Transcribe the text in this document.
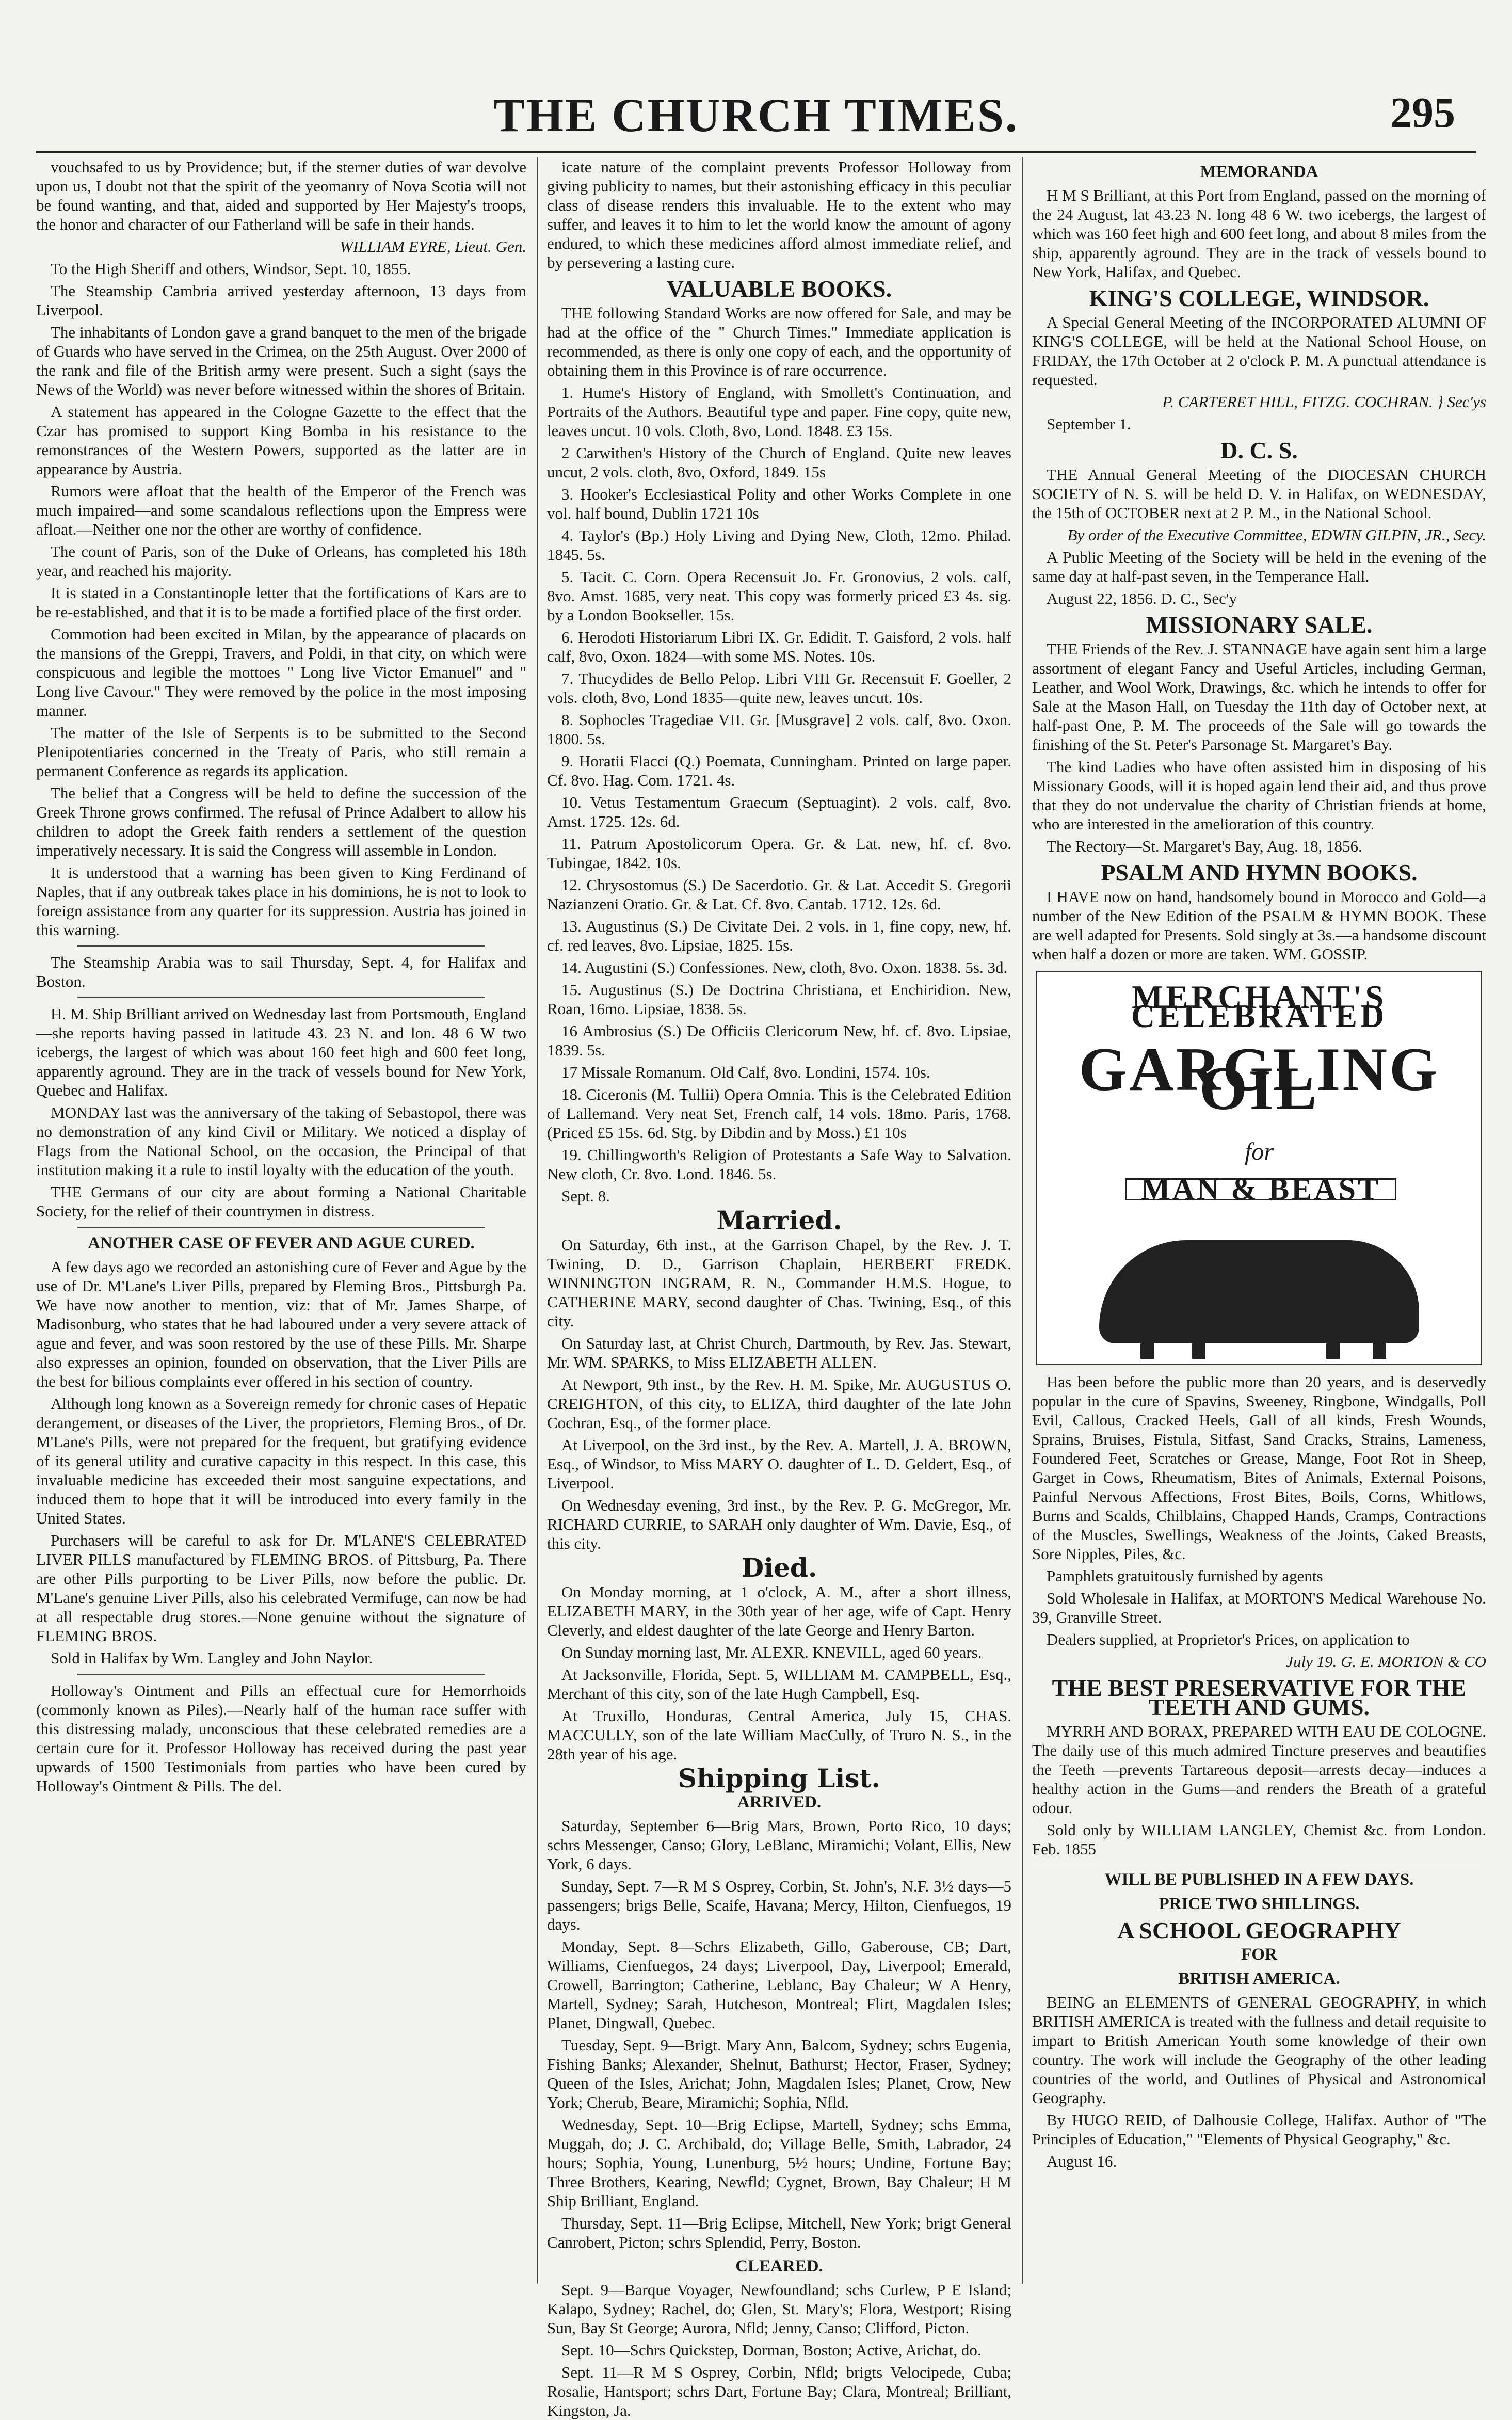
THE CHURCH TIMES.	295

vouchsafed to us by Providence; but, if the sterner duties of war devolve upon us, I doubt not that the spirit of the yeomanry of Nova Scotia will not be found wanting, and that, aided and supported by Her Majesty's troops, the honor and character of our Fatherland will be safe in their hands.

WILLIAM EYRE, Lieut. Gen.

To the High Sheriff and others, Windsor, Sept. 10, 1855.

The Steamship Cambria arrived yesterday afternoon, 13 days from Liverpool.

The inhabitants of London gave a grand banquet to the men of the brigade of Guards who have served in the Crimea, on the 25th August. Over 2000 of the rank and file of the British army were present. Such a sight (says the News of the World) was never before witnessed within the shores of Britain.

A statement has appeared in the Cologne Gazette to the effect that the Czar has promised to support King Bomba in his resistance to the remonstrances of the Western Powers, supported as the latter are in appearance by Austria.

Rumors were afloat that the health of the Emperor of the French was much impaired—and some scandalous reflections upon the Empress were afloat.—Neither one nor the other are worthy of confidence.

The count of Paris, son of the Duke of Orleans, has completed his 18th year, and reached his majority.

It is stated in a Constantinople letter that the fortifications of Kars are to be re-established, and that it is to be made a fortified place of the first order.

Commotion had been excited in Milan, by the appearance of placards on the mansions of the Greppi, Travers, and Poldi, in that city, on which were conspicuous and legible the mottoes " Long live Victor Emanuel" and " Long live Cavour." They were removed by the police in the most imposing manner.

The matter of the Isle of Serpents is to be submitted to the Second Plenipotentiaries concerned in the Treaty of Paris, who still remain a permanent Conference as regards its application.

The belief that a Congress will be held to define the succession of the Greek Throne grows confirmed. The refusal of Prince Adalbert to allow his children to adopt the Greek faith renders a settlement of the question imperatively necessary. It is said the Congress will assemble in London.

It is understood that a warning has been given to King Ferdinand of Naples, that if any outbreak takes place in his dominions, he is not to look to foreign assistance from any quarter for its suppression. Austria has joined in this warning.

The Steamship Arabia was to sail Thursday, Sept. 4, for Halifax and Boston.

H. M. Ship Brilliant arrived on Wednesday last from Portsmouth, England—she reports having passed in latitude 43. 23 N. and lon. 48 6 W two icebergs, the largest of which was about 160 feet high and 600 feet long, apparently aground. They are in the track of vessels bound for New York, Quebec and Halifax.

MONDAY last was the anniversary of the taking of Sebastopol, there was no demonstration of any kind Civil or Military. We noticed a display of Flags from the National School, on the occasion, the Principal of that institution making it a rule to instil loyalty with the education of the youth.

THE Germans of our city are about forming a National Charitable Society, for the relief of their countrymen in distress.

ANOTHER CASE OF FEVER AND AGUE CURED.

A few days ago we recorded an astonishing cure of Fever and Ague by the use of Dr. M'Lane's Liver Pills, prepared by Fleming Bros., Pittsburgh Pa. We have now another to mention, viz: that of Mr. James Sharpe, of Madisonburg, who states that he had laboured under a very severe attack of ague and fever, and was soon restored by the use of these Pills. Mr. Sharpe also expresses an opinion, founded on observation, that the Liver Pills are the best for bilious complaints ever offered in his section of country.

Although long known as a Sovereign remedy for chronic cases of Hepatic derangement, or diseases of the Liver, the proprietors, Fleming Bros., of Dr. M'Lane's Pills, were not prepared for the frequent, but gratifying evidence of its general utility and curative capacity in this respect. In this case, this invaluable medicine has exceeded their most sanguine expectations, and induced them to hope that it will be introduced into every family in the United States.

Purchasers will be careful to ask for Dr. M'LANE'S CELEBRATED LIVER PILLS manufactured by FLEMING BROS. of Pittsburg, Pa. There are other Pills purporting to be Liver Pills, now before the public. Dr. M'Lane's genuine Liver Pills, also his celebrated Vermifuge, can now be had at all respectable drug stores.—None genuine without the signature of FLEMING BROS.

Sold in Halifax by Wm. Langley and John Naylor.

Holloway's Ointment and Pills an effectual cure for Hemorrhoids (commonly known as Piles).—Nearly half of the human race suffer with this distressing malady, unconscious that these celebrated remedies are a certain cure for it. Professor Holloway has received during the past year upwards of 1500 Testimonials from parties who have been cured by Holloway's Ointment & Pills. The del.

icate nature of the complaint prevents Professor Holloway from giving publicity to names, but their astonishing efficacy in this peculiar class of disease renders this invaluable. He to the extent who may suffer, and leaves it to him to let the world know the amount of agony endured, to which these medicines afford almost immediate relief, and by persevering a lasting cure.

VALUABLE BOOKS.

THE following Standard Works are now offered for Sale, and may be had at the office of the " Church Times." Immediate application is recommended, as there is only one copy of each, and the opportunity of obtaining them in this Province is of rare occurrence.

1. Hume's History of England, with Smollett's Continuation, and Portraits of the Authors. Beautiful type and paper. Fine copy, quite new, leaves uncut. 10 vols. Cloth, 8vo, Lond. 1848. £3 15s.

2 Carwithen's History of the Church of England. Quite new leaves uncut, 2 vols. cloth, 8vo, Oxford, 1849. 15s

3. Hooker's Ecclesiastical Polity and other Works Complete in one vol. half bound, Dublin 1721 10s

4. Taylor's (Bp.) Holy Living and Dying New, Cloth, 12mo. Philad. 1845. 5s.

5. Tacit. C. Corn. Opera Recensuit Jo. Fr. Gronovius, 2 vols. calf, 8vo. Amst. 1685, very neat. This copy was formerly priced £3 4s. sig. by a London Bookseller. 15s.

6. Herodoti Historiarum Libri IX. Gr. Edidit. T. Gaisford, 2 vols. half calf, 8vo, Oxon. 1824—with some MS. Notes. 10s.

7. Thucydides de Bello Pelop. Libri VIII Gr. Recensuit F. Goeller, 2 vols. cloth, 8vo, Lond 1835—quite new, leaves uncut. 10s.

8. Sophocles Tragediae VII. Gr. [Musgrave] 2 vols. calf, 8vo. Oxon. 1800. 5s.

9. Horatii Flacci (Q.) Poemata, Cunningham. Printed on large paper. Cf. 8vo. Hag. Com. 1721. 4s.

10. Vetus Testamentum Graecum (Septuagint). 2 vols. calf, 8vo. Amst. 1725. 12s. 6d.

11. Patrum Apostolicorum Opera. Gr. & Lat. new, hf. cf. 8vo. Tubingae, 1842. 10s.

12. Chrysostomus (S.) De Sacerdotio. Gr. & Lat. Accedit S. Gregorii Nazianzeni Oratio. Gr. & Lat. Cf. 8vo. Cantab. 1712. 12s. 6d.

13. Augustinus (S.) De Civitate Dei. 2 vols. in 1, fine copy, new, hf. cf. red leaves, 8vo. Lipsiae, 1825. 15s.

14. Augustini (S.) Confessiones. New, cloth, 8vo. Oxon. 1838. 5s. 3d.

15. Augustinus (S.) De Doctrina Christiana, et Enchiridion. New, Roan, 16mo. Lipsiae, 1838. 5s.

16 Ambrosius (S.) De Officiis Clericorum New, hf. cf. 8vo. Lipsiae, 1839. 5s.

17 Missale Romanum. Old Calf, 8vo. Londini, 1574. 10s.

18. Ciceronis (M. Tullii) Opera Omnia. This is the Celebrated Edition of Lallemand. Very neat Set, French calf, 14 vols. 18mo. Paris, 1768. (Priced £5 15s. 6d. Stg. by Dibdin and by Moss.) £1 10s

19. Chillingworth's Religion of Protestants a Safe Way to Salvation. New cloth, Cr. 8vo. Lond. 1846. 5s.

Sept. 8.

Married.

On Saturday, 6th inst., at the Garrison Chapel, by the Rev. J. T. Twining, D. D., Garrison Chaplain, HERBERT FREDK. WINNINGTON INGRAM, R. N., Commander H.M.S. Hogue, to CATHERINE MARY, second daughter of Chas. Twining, Esq., of this city.

On Saturday last, at Christ Church, Dartmouth, by Rev. Jas. Stewart, Mr. WM. SPARKS, to Miss ELIZABETH ALLEN.

At Newport, 9th inst., by the Rev. H. M. Spike, Mr. AUGUSTUS O. CREIGHTON, of this city, to ELIZA, third daughter of the late John Cochran, Esq., of the former place.

At Liverpool, on the 3rd inst., by the Rev. A. Martell, J. A. BROWN, Esq., of Windsor, to Miss MARY O. daughter of L. D. Geldert, Esq., of Liverpool.

On Wednesday evening, 3rd inst., by the Rev. P. G. McGregor, Mr. RICHARD CURRIE, to SARAH only daughter of Wm. Davie, Esq., of this city.

Died.

On Monday morning, at 1 o'clock, A. M., after a short illness, ELIZABETH MARY, in the 30th year of her age, wife of Capt. Henry Cleverly, and eldest daughter of the late George and Henry Barton.

On Sunday morning last, Mr. ALEXR. KNEVILL, aged 60 years.

At Jacksonville, Florida, Sept. 5, WILLIAM M. CAMPBELL, Esq., Merchant of this city, son of the late Hugh Campbell, Esq.

At Truxillo, Honduras, Central America, July 15, CHAS. MACCULLY, son of the late William MacCully, of Truro N. S., in the 28th year of his age.

Shipping List.
ARRIVED.

Saturday, September 6—Brig Mars, Brown, Porto Rico, 10 days; schrs Messenger, Canso; Glory, LeBlanc, Miramichi; Volant, Ellis, New York, 6 days.

Sunday, Sept. 7—R M S Osprey, Corbin, St. John's, N.F. 3½ days—5 passengers; brigs Belle, Scaife, Havana; Mercy, Hilton, Cienfuegos, 19 days.

Monday, Sept. 8—Schrs Elizabeth, Gillo, Gaberouse, CB; Dart, Williams, Cienfuegos, 24 days; Liverpool, Day, Liverpool; Emerald, Crowell, Barrington; Catherine, Leblanc, Bay Chaleur; W A Henry, Martell, Sydney; Sarah, Hutcheson, Montreal; Flirt, Magdalen Isles; Planet, Dingwall, Quebec.

Tuesday, Sept. 9—Brigt. Mary Ann, Balcom, Sydney; schrs Eugenia, Fishing Banks; Alexander, Shelnut, Bathurst; Hector, Fraser, Sydney; Queen of the Isles, Arichat; John, Magdalen Isles; Planet, Crow, New York; Cherub, Beare, Miramichi; Sophia, Nfld.

Wednesday, Sept. 10—Brig Eclipse, Martell, Sydney; schs Emma, Muggah, do; J. C. Archibald, do; Village Belle, Smith, Labrador, 24 hours; Sophia, Young, Lunenburg, 5½ hours; Undine, Fortune Bay; Three Brothers, Kearing, Newfld; Cygnet, Brown, Bay Chaleur; H M Ship Brilliant, England.

Thursday, Sept. 11—Brig Eclipse, Mitchell, New York; brigt General Canrobert, Picton; schrs Splendid, Perry, Boston.

CLEARED.

Sept. 9—Barque Voyager, Newfoundland; schs Curlew, P E Island; Kalapo, Sydney; Rachel, do; Glen, St. Mary's; Flora, Westport; Rising Sun, Bay St George; Aurora, Nfld; Jenny, Canso; Clifford, Picton.

Sept. 10—Schrs Quickstep, Dorman, Boston; Active, Arichat, do.

Sept. 11—R M S Osprey, Corbin, Nfld; brigts Velocipede, Cuba; Rosalie, Hantsport; schrs Dart, Fortune Bay; Clara, Montreal; Brilliant, Kingston, Ja.

MEMORANDA

H M S Brilliant, at this Port from England, passed on the morning of the 24 August, lat 43.23 N. long 48 6 W. two icebergs, the largest of which was 160 feet high and 600 feet long, and about 8 miles from the ship, apparently aground. They are in the track of vessels bound to New York, Halifax, and Quebec.

KING'S COLLEGE, WINDSOR.

A Special General Meeting of the INCORPORATED ALUMNI OF KING'S COLLEGE, will be held at the National School House, on FRIDAY, the 17th October at 2 o'clock P. M. A punctual attendance is requested.

P. CARTERET HILL, FITZG. COCHRAN. } Sec'ys

September 1.

D. C. S.

THE Annual General Meeting of the DIOCESAN CHURCH SOCIETY of N. S. will be held D. V. in Halifax, on WEDNESDAY, the 15th of OCTOBER next at 2 P. M., in the National School.

By order of the Executive Committee, EDWIN GILPIN, JR., Secy.

A Public Meeting of the Society will be held in the evening of the same day at half-past seven, in the Temperance Hall.

August 22, 1856. D. C., Sec'y

MISSIONARY SALE.

THE Friends of the Rev. J. STANNAGE have again sent him a large assortment of elegant Fancy and Useful Articles, including German, Leather, and Wool Work, Drawings, &c. which he intends to offer for Sale at the Mason Hall, on Tuesday the 11th day of October next, at half-past One, P. M. The proceeds of the Sale will go towards the finishing of the St. Peter's Parsonage St. Margaret's Bay.

The kind Ladies who have often assisted him in disposing of his Missionary Goods, will it is hoped again lend their aid, and thus prove that they do not undervalue the charity of Christian friends at home, who are interested in the amelioration of this country.

The Rectory—St. Margaret's Bay, Aug. 18, 1856.

PSALM AND HYMN BOOKS.

I HAVE now on hand, handsomely bound in Morocco and Gold—a number of the New Edition of the PSALM & HYMN BOOK. These are well adapted for Presents. Sold singly at 3s.—a handsome discount when half a dozen or more are taken. WM. GOSSIP.

MERCHANT'S CELEBRATED
GARGLING OIL
for
MAN & BEAST

Has been before the public more than 20 years, and is deservedly popular in the cure of Spavins, Sweeney, Ringbone, Windgalls, Poll Evil, Callous, Cracked Heels, Gall of all kinds, Fresh Wounds, Sprains, Bruises, Fistula, Sitfast, Sand Cracks, Strains, Lameness, Foundered Feet, Scratches or Grease, Mange, Foot Rot in Sheep, Garget in Cows, Rheumatism, Bites of Animals, External Poisons, Painful Nervous Affections, Frost Bites, Boils, Corns, Whitlows, Burns and Scalds, Chilblains, Chapped Hands, Cramps, Contractions of the Muscles, Swellings, Weakness of the Joints, Caked Breasts, Sore Nipples, Piles, &c.

Pamphlets gratuitously furnished by agents

Sold Wholesale in Halifax, at MORTON'S Medical Warehouse No. 39, Granville Street.

Dealers supplied, at Proprietor's Prices, on application to

July 19. G. E. MORTON & CO

THE BEST PRESERVATIVE FOR THE TEETH AND GUMS.

MYRRH AND BORAX, PREPARED WITH EAU DE COLOGNE. The daily use of this much admired Tincture preserves and beautifies the Teeth —prevents Tartareous deposit—arrests decay—induces a healthy action in the Gums—and renders the Breath of a grateful odour.

Sold only by WILLIAM LANGLEY, Chemist &c. from London. Feb. 1855

WILL BE PUBLISHED IN A FEW DAYS.
PRICE TWO SHILLINGS.
A SCHOOL GEOGRAPHY
FOR
BRITISH AMERICA.

BEING an ELEMENTS of GENERAL GEOGRAPHY, in which BRITISH AMERICA is treated with the fullness and detail requisite to impart to British American Youth some knowledge of their own country. The work will include the Geography of the other leading countries of the world, and Outlines of Physical and Astronomical Geography.

By HUGO REID, of Dalhousie College, Halifax. Author of "The Principles of Education," "Elements of Physical Geography," &c.

August 16.
